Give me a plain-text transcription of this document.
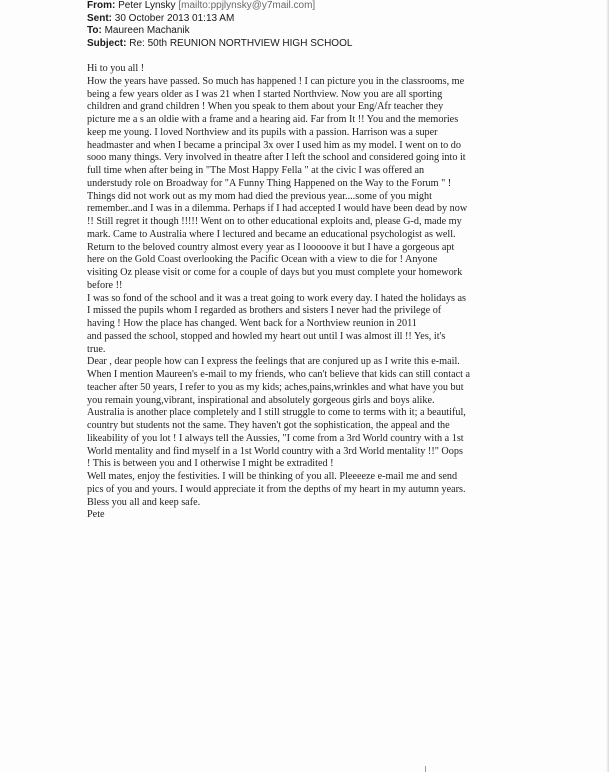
From: Peter Lynsky [mailto:ppjlynsky@y7mail.com]
Sent: 30 October 2013 01:13 AM
To: Maureen Machanik
Subject: Re: 50th REUNION NORTHVIEW HIGH SCHOOL
Hi to you all !
How the years have passed. So much has happened ! I can picture you in the classrooms, me
being a few years older as I was 21 when I started Northview. Now you are all sporting
children and grand children ! When you speak to them about your Eng/Afr teacher they
picture me a s an oldie with a frame and a hearing aid. Far from It !! You and the memories
keep me young. I loved Northview and its pupils with a passion. Harrison was a super
headmaster and when I became a principal 3x over I used him as my model. I went on to do
sooo many things. Very involved in theatre after I left the school and considered going into it
full time when after being in "The Most Happy Fella " at the civic I was offered an
understudy role on Broadway for "A Funny Thing Happened on the Way to the Forum " !
Things did not work out as my mom had died the previous year....some of you might
remember..and I was in a dilemma. Perhaps if I had accepted I would have been dead by now
!! Still regret it though !!!!! Went on to other educational exploits and, please G-d, made my
mark. Came to Australia where I lectured and became an educational psychologist as well.
Return to the beloved country almost every year as I looooove it but I have a gorgeous apt
here on the Gold Coast overlooking the Pacific Ocean with a view to die for ! Anyone
visiting Oz please visit or come for a couple of days but you must complete your homework
before !!
I was so fond of the school and it was a treat going to work every day. I hated the holidays as
I missed the pupils whom I regarded as brothers and sisters I never had the privilege of
having ! How the place has changed. Went back for a Northview reunion in 2011
and passed the school, stopped and howled my heart out until I was almost ill !! Yes, it's
true.
Dear , dear people how can I express the feelings that are conjured up as I write this e-mail.
When I mention Maureen's e-mail to my friends, who can't believe that kids can still contact a
teacher after 50 years, I refer to you as my kids; aches,pains,wrinkles and what have you but
you remain young,vibrant, inspirational and absolutely gorgeous girls and boys alike.
Australia is another place completely and I still struggle to come to terms with it; a beautiful,
country but students not the same. They haven't got the sophistication, the appeal and the
likeability of you lot ! I always tell the Aussies, "I come from a 3rd World country with a 1st
World mentality and find myself in a 1st World country with a 3rd World mentality !!" Oops
! This is between you and I otherwise I might be extradited !
Well mates, enjoy the festivities. I will be thinking of you all. Pleeeeze e-mail me and send
pics of you and yours. I would appreciate it from the depths of my heart in my autumn years.
Bless you all and keep safe.
Pete
